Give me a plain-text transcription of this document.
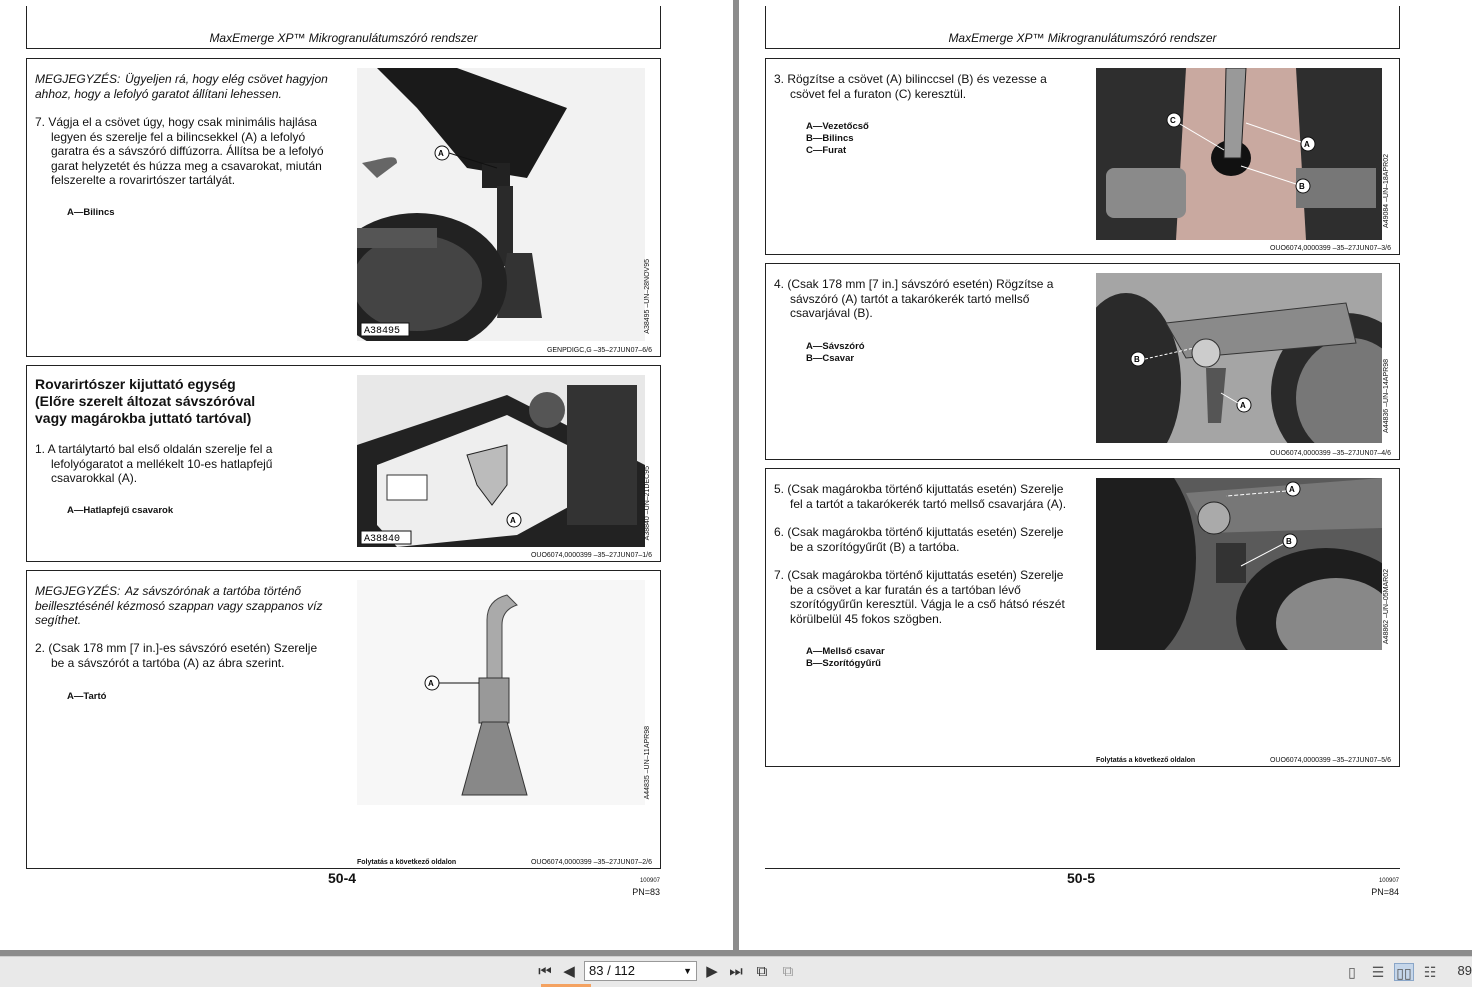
MaxEmerge XP™ Mikrogranulátumszóró rendszer
MEGJEGYZÉS: Ügyeljen rá, hogy elég csövet hagyjon ahhoz, hogy a lefolyó garatot állítani lehessen.
7. Vágja el a csövet úgy, hogy csak minimális hajlása legyen és szerelje fel a bilincsekkel (A) a lefolyó garatra és a sávszóró diffúzorra. Állítsa be a lefolyó garat helyzetét és húzza meg a csavarokat, miután felszerelte a rovarirtószer tartályát.
A—Bilincs
A
A38495	A38495 –UN–28NOV95
GENPDIGC,G –35–27JUN07–6/6
Rovarirtószer kijuttató egység (Előre szerelt áltozat sávszóróval vagy magárokba juttató tartóval)
1. A tartálytartó bal első oldalán szerelje fel a lefolyógaratot a mellékelt 10-es hatlapfejű csavarokkal (A).
A—Hatlapfejű csavarok
A
A38840	A38840 –UN–21DEC95
OUO6074,0000399 –35–27JUN07–1/6
MEGJEGYZÉS: Az sávszórónak a tartóba történő beillesztésénél kézmosó szappan vagy szappanos víz segíthet.
2. (Csak 178 mm [7 in.]-es sávszóró esetén) Szerelje be a sávszórót a tartóba (A) az ábra szerint.
A—Tartó
A
A44835 –UN–11APR98
Folytatás a következő oldalon	OUO6074,0000399 –35–27JUN07–2/6
50-4	100907
PN=83
MaxEmerge XP™ Mikrogranulátumszóró rendszer
3. Rögzítse a csövet (A) bilinccsel (B) és vezesse a csövet fel a furaton (C) keresztül.
A—Vezetőcső
B—Bilincs
C—Furat
C
A
B	A49084 –UN–18APR02
OUO6074,0000399 –35–27JUN07–3/6
4. (Csak 178 mm [7 in.] sávszóró esetén) Rögzítse a sávszóró (A) tartót a takarókerék tartó mellső csavarjával (B).
A—Sávszóró
B—Csavar	B
A	A44836 –UN–14APR98
OUO6074,0000399 –35–27JUN07–4/6
5. (Csak magárokba történő kijuttatás esetén) Szerelje fel a tartót a takarókerék tartó mellső csavarjára (A).
6. (Csak magárokba történő kijuttatás esetén) Szerelje be a szorítógyűrűt (B) a tartóba.
7. (Csak magárokba történő kijuttatás esetén) Szerelje be a csövet a kar furatán és a tartóban lévő szorítógyűrűn keresztül. Vágja le a cső hátsó részét körülbelül 45 fokos szögben.
A—Mellső csavar
B—Szorítógyűrű
A
B
A48862 –UN–05MAR02
Folytatás a következő oldalon	OUO6074,0000399 –35–27JUN07–5/6
50-5	100907
PN=84
⏮ ◀	83 / 112	▼ ▶ ⏭ ⧉ ⧉	▯	☰ ▯▯ ☷ 89
